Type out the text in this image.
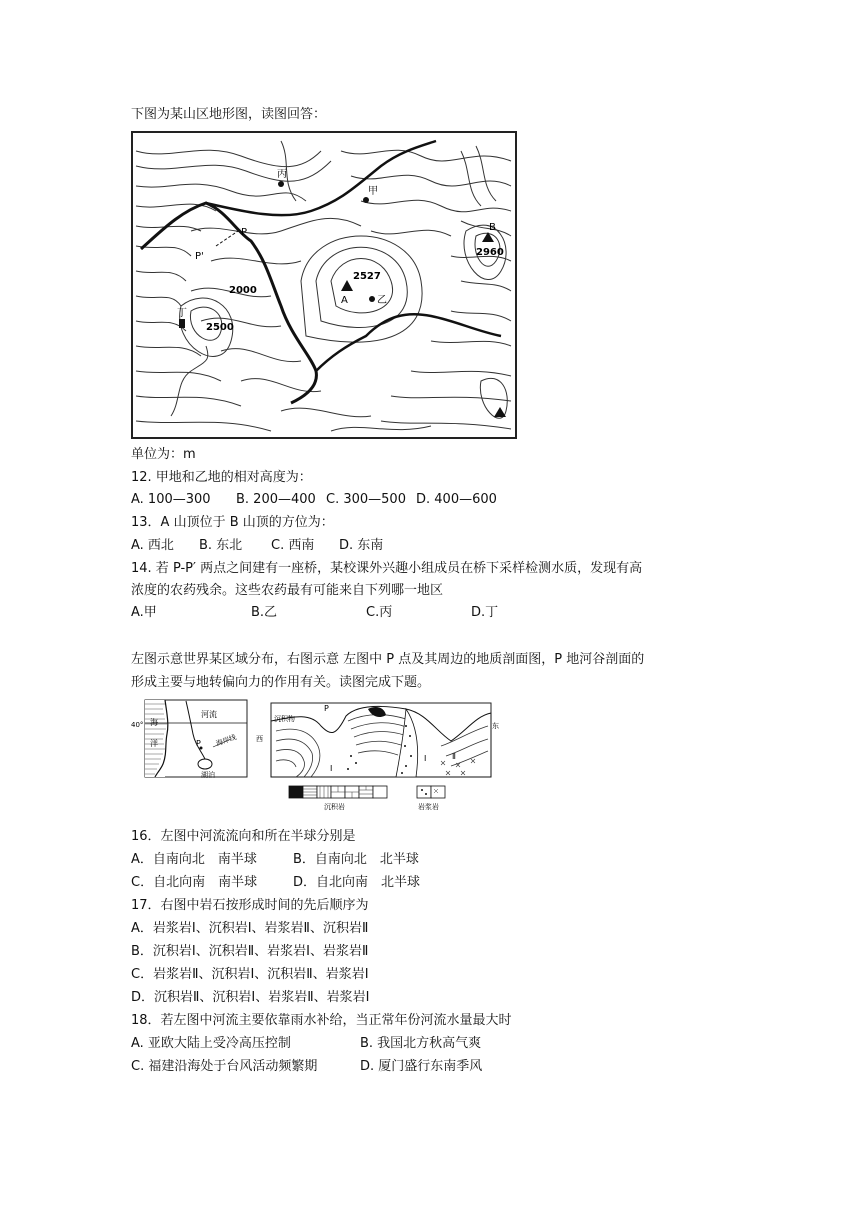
下图为某山区地形图，读图回答：
丙
甲
乙
丁
A
B
P
P'
2527
2960
2000
2500
单位为：m
12. 甲地和乙地的相对高度为：
A. 100—300 B. 200—400 C. 300—500 D. 400—600
13．A 山顶位于 B 山顶的方位为：
A. 西北 B. 东北 C. 西南 D. 东南
14. 若 P-P′ 两点之间建有一座桥，某校课外兴趣小组成员在桥下采样检测水质，发现有高
浓度的农药残余。这些农药最有可能来自下列哪一地区
A.甲	B.乙	C.丙	D.丁
左图示意世界某区域分布，右图示意 左图中 P 点及其周边的地质剖面图，P 地河谷剖面的
形成主要与地转偏向力的作用有关。读图完成下题。
40° 海
洋
河流
海岸线
湖泊
P	西
东
沉积物
P
Ⅰ
Ⅰ	Ⅱ
沉积岩	岩浆岩
16．左图中河流流向和所在半球分别是
A．自南向北　南半球	B．自南向北　北半球
C．自北向南　南半球	D．自北向南　北半球
17．右图中岩石按形成时间的先后顺序为
A．岩浆岩Ⅰ、沉积岩Ⅰ、岩浆岩Ⅱ、沉积岩Ⅱ
B．沉积岩Ⅰ、沉积岩Ⅱ、岩浆岩Ⅰ、岩浆岩Ⅱ
C．岩浆岩Ⅱ、沉积岩Ⅰ、沉积岩Ⅱ、岩浆岩Ⅰ
D．沉积岩Ⅱ、沉积岩Ⅰ、岩浆岩Ⅱ、岩浆岩Ⅰ
18．若左图中河流主要依靠雨水补给，当正常年份河流水量最大时
A. 亚欧大陆上受冷高压控制	B. 我国北方秋高气爽
C. 福建沿海处于台风活动频繁期	D. 厦门盛行东南季风
